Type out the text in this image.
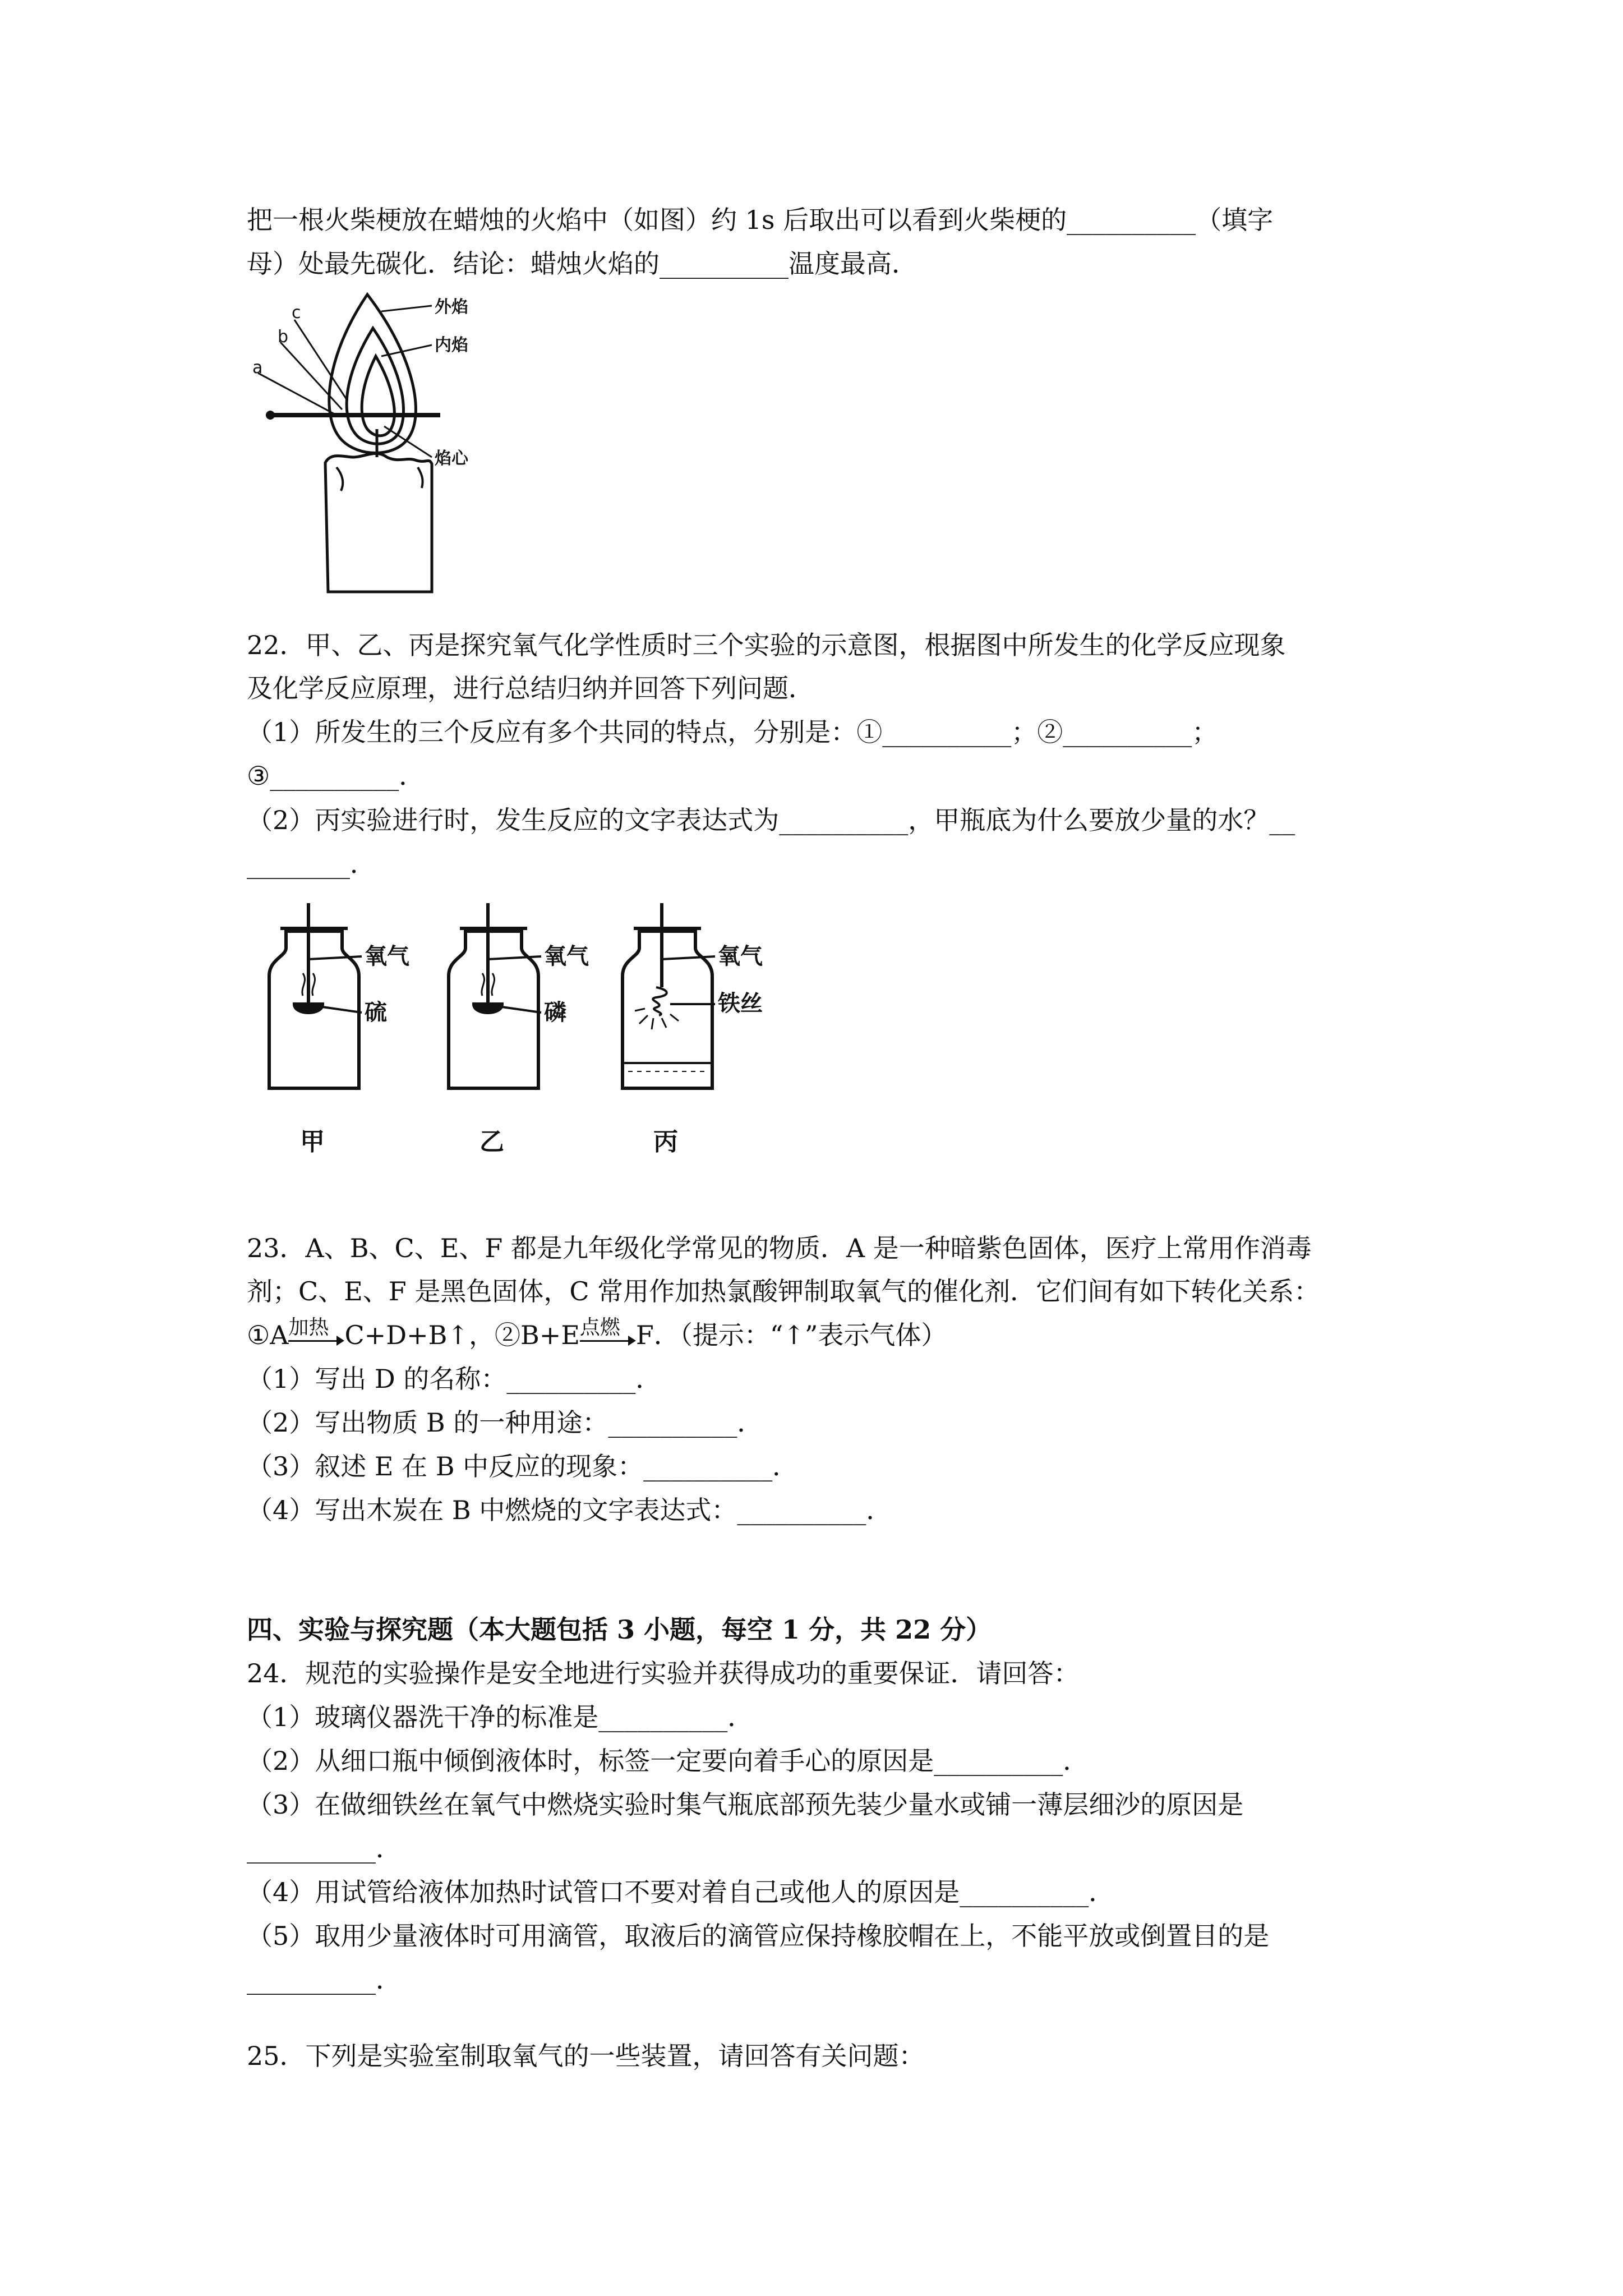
把一根火柴梗放在蜡烛的火焰中（如图）约 1s 后取出可以看到火柴梗的__________（填字
母）处最先碳化．结论：蜡烛火焰的__________温度最高．
c
b
a
外焰
内焰
焰心
22．甲、乙、丙是探究氧气化学性质时三个实验的示意图，根据图中所发生的化学反应现象
及化学反应原理，进行总结归纳并回答下列问题．
（1）所发生的三个反应有多个共同的特点，分别是：①__________；②__________；
③__________．
（2）丙实验进行时，发生反应的文字表达式为__________，甲瓶底为什么要放少量的水？__
________．
氧气
硫
甲
氧气
磷
乙
氧气
铁丝
丙
23．A、B、C、E、F 都是九年级化学常见的物质．A 是一种暗紫色固体，医疗上常用作消毒
剂；C、E、F 是黑色固体，C 常用作加热氯酸钾制取氧气的催化剂．它们间有如下转化关系：
①A 加热 C+D+B↑，②B+E 点燃 F．（提示：“↑”表示气体）
（1）写出 D 的名称：__________．
（2）写出物质 B 的一种用途：__________．
（3）叙述 E 在 B 中反应的现象：__________．
（4）写出木炭在 B 中燃烧的文字表达式：__________．
四、实验与探究题（本大题包括 3 小题，每空 1 分，共 22 分）
24．规范的实验操作是安全地进行实验并获得成功的重要保证．请回答：
（1）玻璃仪器洗干净的标准是__________．
（2）从细口瓶中倾倒液体时，标签一定要向着手心的原因是__________．
（3）在做细铁丝在氧气中燃烧实验时集气瓶底部预先装少量水或铺一薄层细沙的原因是
__________．
（4）用试管给液体加热时试管口不要对着自己或他人的原因是__________．
（5）取用少量液体时可用滴管，取液后的滴管应保持橡胶帽在上，不能平放或倒置目的是
__________．
25．下列是实验室制取氧气的一些装置，请回答有关问题：
